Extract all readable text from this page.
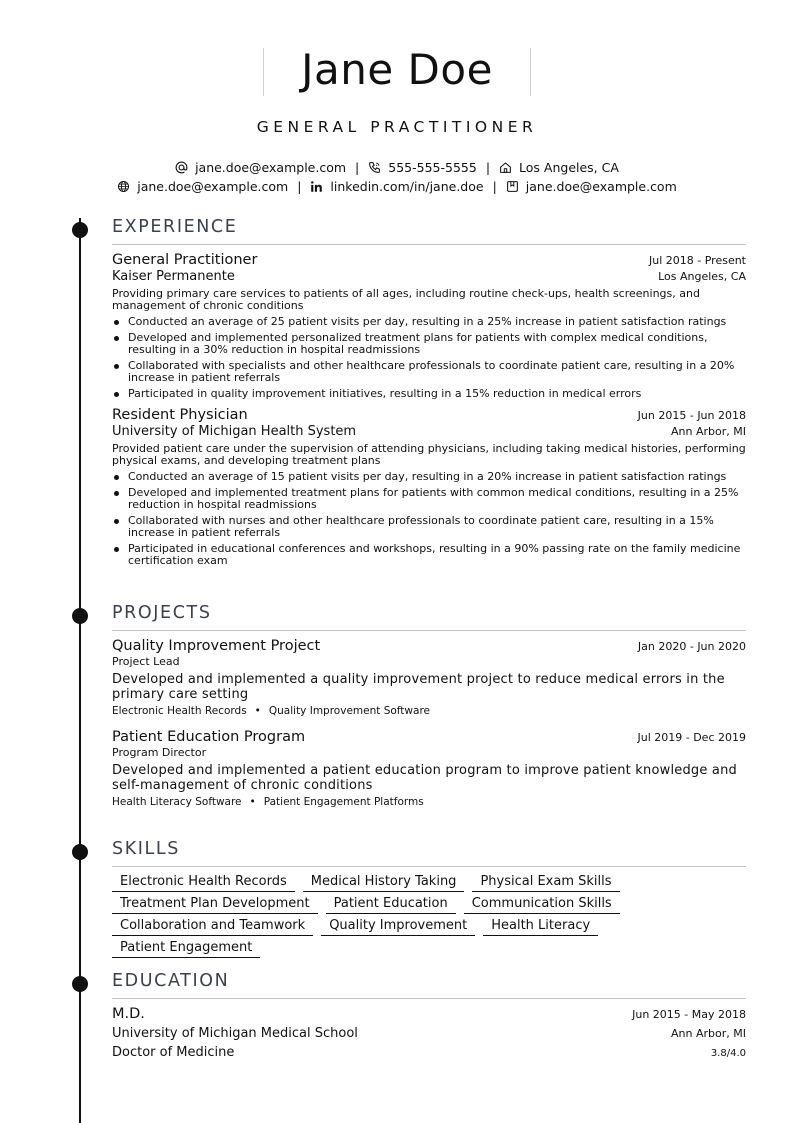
Jane Doe
GENERAL PRACTITIONER
jane.doe@example.com | 555-555-5555 | Los Angeles, CA
jane.doe@example.com | linkedin.com/in/jane.doe | jane.doe@example.com
EXPERIENCE
General Practitioner	Jul 2018 - Present
Kaiser Permanente	Los Angeles, CA
Providing primary care services to patients of all ages, including routine check-ups, health screenings, and management of chronic conditions
Conducted an average of 25 patient visits per day, resulting in a 25% increase in patient satisfaction ratings
Developed and implemented personalized treatment plans for patients with complex medical conditions, resulting in a 30% reduction in hospital readmissions
Collaborated with specialists and other healthcare professionals to coordinate patient care, resulting in a 20% increase in patient referrals
Participated in quality improvement initiatives, resulting in a 15% reduction in medical errors
Resident Physician	Jun 2015 - Jun 2018
University of Michigan Health System	Ann Arbor, MI
Provided patient care under the supervision of attending physicians, including taking medical histories, performing physical exams, and developing treatment plans
Conducted an average of 15 patient visits per day, resulting in a 20% increase in patient satisfaction ratings
Developed and implemented treatment plans for patients with common medical conditions, resulting in a 25% reduction in hospital readmissions
Collaborated with nurses and other healthcare professionals to coordinate patient care, resulting in a 15% increase in patient referrals
Participated in educational conferences and workshops, resulting in a 90% passing rate on the family medicine certification exam
PROJECTS
Quality Improvement Project	Jan 2020 - Jun 2020
Project Lead
Developed and implemented a quality improvement project to reduce medical errors in the primary care setting
Electronic Health Records • Quality Improvement Software
Patient Education Program	Jul 2019 - Dec 2019
Program Director
Developed and implemented a patient education program to improve patient knowledge and self-management of chronic conditions
Health Literacy Software • Patient Engagement Platforms
SKILLS
Electronic Health Records	Medical History Taking	Physical Exam Skills
Treatment Plan Development	Patient Education	Communication Skills
Collaboration and Teamwork	Quality Improvement	Health Literacy
Patient Engagement
EDUCATION
M.D.	Jun 2015 - May 2018
University of Michigan Medical School	Ann Arbor, MI
Doctor of Medicine	3.8/4.0
